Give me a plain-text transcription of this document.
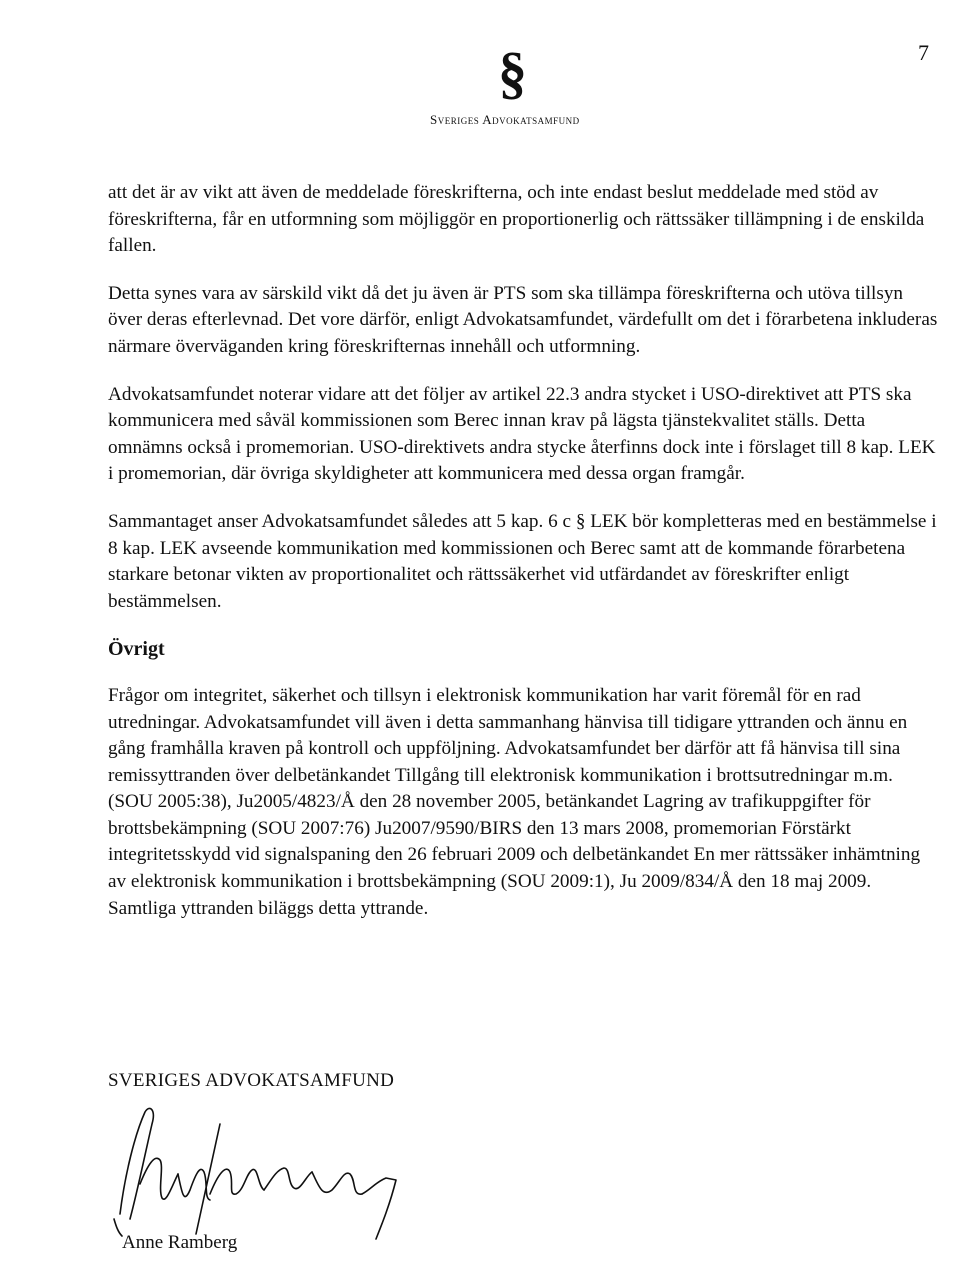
7
§
Sveriges Advokatsamfund

att det är av vikt att även de meddelade föreskrifterna, och inte endast beslut meddelade med stöd av föreskrifterna, får en utformning som möjliggör en proportionerlig och rättssäker tillämpning i de enskilda fallen.

Detta synes vara av särskild vikt då det ju även är PTS som ska tillämpa föreskrifterna och utöva tillsyn över deras efterlevnad. Det vore därför, enligt Advokatsamfundet, värdefullt om det i förarbetena inkluderas närmare överväganden kring föreskrifternas innehåll och utformning.

Advokatsamfundet noterar vidare att det följer av artikel 22.3 andra stycket i USO-direktivet att PTS ska kommunicera med såväl kommissionen som Berec innan krav på lägsta tjänstekvalitet ställs. Detta omnämns också i promemorian. USO-direktivets andra stycke återfinns dock inte i förslaget till 8 kap. LEK i promemorian, där övriga skyldigheter att kommunicera med dessa organ framgår.

Sammantaget anser Advokatsamfundet således att 5 kap. 6 c § LEK bör kompletteras med en bestämmelse i 8 kap. LEK avseende kommunikation med kommissionen och Berec samt att de kommande förarbetena starkare betonar vikten av proportionalitet och rättssäkerhet vid utfärdandet av föreskrifter enligt bestämmelsen.

Övrigt

Frågor om integritet, säkerhet och tillsyn i elektronisk kommunikation har varit föremål för en rad utredningar. Advokatsamfundet vill även i detta sammanhang hänvisa till tidigare yttranden och ännu en gång framhålla kraven på kontroll och uppföljning. Advokatsamfundet ber därför att få hänvisa till sina remissyttranden över delbetänkandet Tillgång till elektronisk kommunikation i brottsutredningar m.m. (SOU 2005:38), Ju2005/4823/Å den 28 november 2005, betänkandet Lagring av trafikuppgifter för brottsbekämpning (SOU 2007:76) Ju2007/9590/BIRS den 13 mars 2008, promemorian Förstärkt integritetsskydd vid signalspaning den 26 februari 2009 och delbetänkandet En mer rättssäker inhämtning av elektronisk kommunikation i brottsbekämpning (SOU 2009:1), Ju 2009/834/Å den 18 maj 2009. Samtliga yttranden biläggs detta yttrande.

SVERIGES ADVOKATSAMFUND
Anne Ramberg
